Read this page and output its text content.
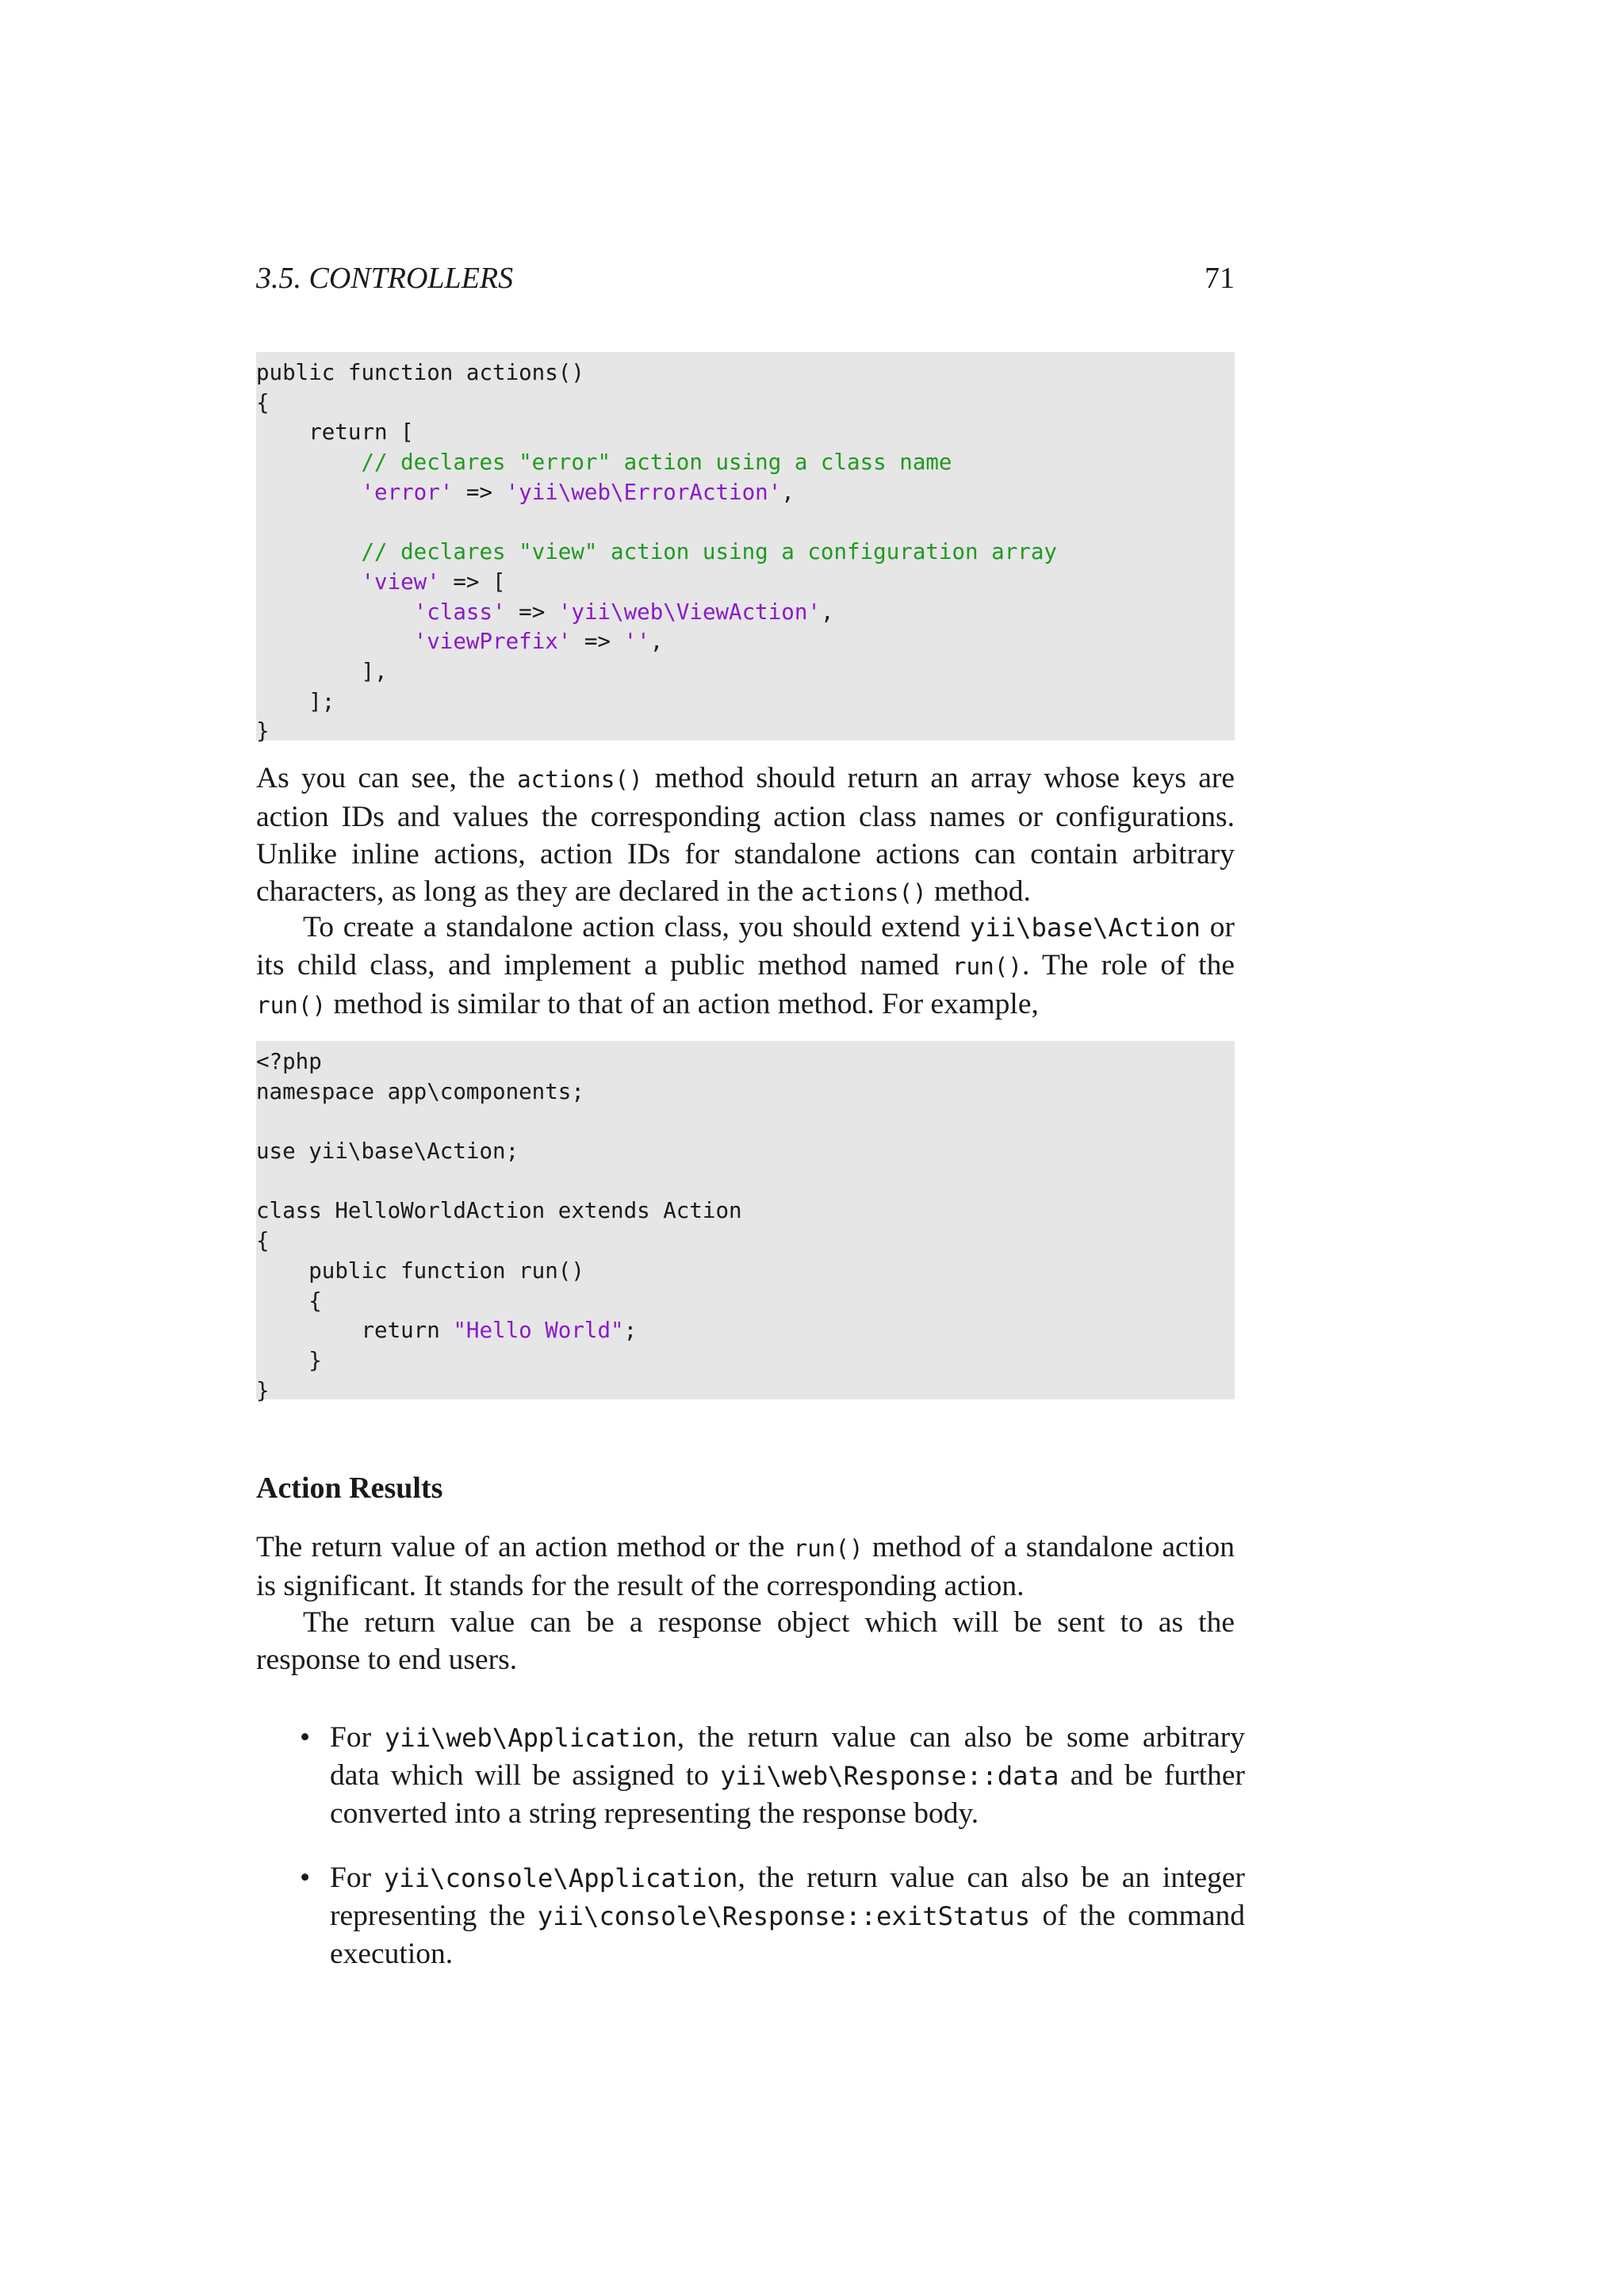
3.5. CONTROLLERS	71
public function actions()
{
return [
// declares "error" action using a class name
'error' => 'yii\web\ErrorAction',
// declares "view" action using a configuration array
'view' => [
'class' => 'yii\web\ViewAction',
'viewPrefix' => '',
],
];
}
As you can see, the actions() method should return an array whose keys are action IDs and values the corresponding action class names or configurations. Unlike inline actions, action IDs for standalone actions can contain arbitrary characters, as long as they are declared in the actions() method.
To create a standalone action class, you should extend yii\base\Action or its child class, and implement a public method named run(). The role of the run() method is similar to that of an action method. For example,
<?php
namespace app\components;
use yii\base\Action;
class HelloWorldAction extends Action
{
public function run()
{
return "Hello World";
}
}
Action Results
The return value of an action method or the run() method of a standalone action is significant. It stands for the result of the corresponding action.
The return value can be a response object which will be sent to as the response to end users.
• For yii\web\Application, the return value can also be some arbitrary data which will be assigned to yii\web\Response::data and be further converted into a string representing the response body.
• For yii\console\Application, the return value can also be an integer representing the yii\console\Response::exitStatus of the command execution.
